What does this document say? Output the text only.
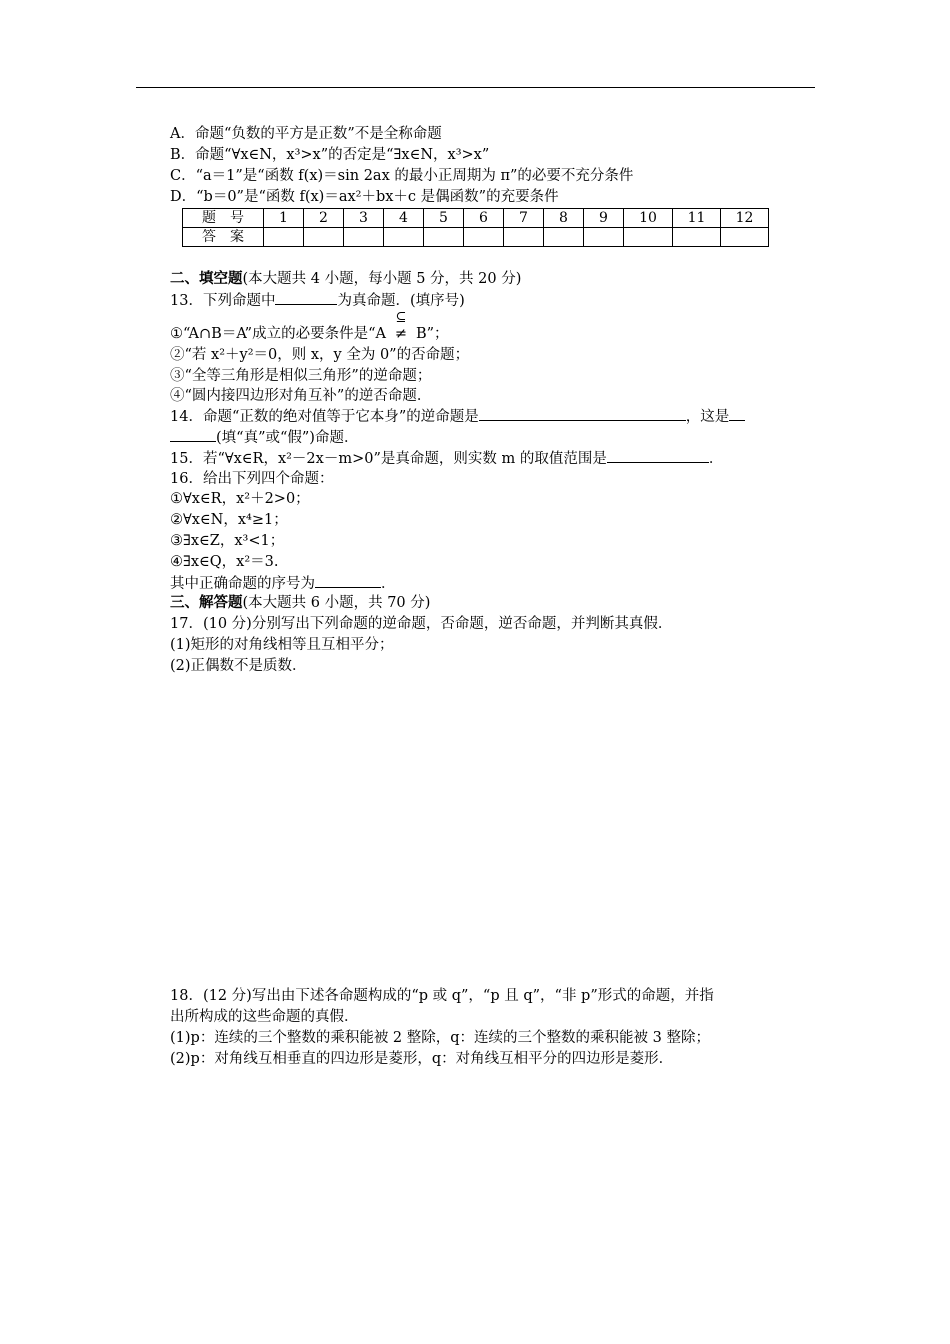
A．命题“负数的平方是正数”不是全称命题
B．命题“∀x∈N，x³>x”的否定是“∃x∈N，x³>x”
C．“a＝1”是“函数 f(x)＝sin 2ax 的最小正周期为 π”的必要不充分条件
D．“b＝0”是“函数 f(x)＝ax²＋bx＋c 是偶函数”的充要条件
题　号	1	2	3	4	5	6	7	8	9	10	11	12
答　案												
二、填空题(本大题共 4 小题，每小题 5 分，共 20 分)
13．下列命题中	为真命题．(填序号)
①“A∩B＝A”成立的必要条件是“A
⊆
≠ B”；
②“若 x²＋y²＝0，则 x，y 全为 0”的否命题；
③“全等三角形是相似三角形”的逆命题；
④“圆内接四边形对角互补”的逆否命题．
14．命题“正数的绝对值等于它本身”的逆命题是	，这是
(填“真”或“假”)命题．
15．若“∀x∈R，x²－2x－m>0”是真命题，则实数 m 的取值范围是	．
16．给出下列四个命题：
①∀x∈R，x²＋2>0；
②∀x∈N，x⁴≥1；
③∃x∈Z，x³<1；
④∃x∈Q，x²＝3.
其中正确命题的序号为	．
三、解答题(本大题共 6 小题，共 70 分)
17．(10 分)分别写出下列命题的逆命题，否命题，逆否命题，并判断其真假．
(1)矩形的对角线相等且互相平分；
(2)正偶数不是质数．
18．(12 分)写出由下述各命题构成的“p 或 q”，“p 且 q”，“非 p”形式的命题，并指
出所构成的这些命题的真假．
(1)p：连续的三个整数的乘积能被 2 整除，q：连续的三个整数的乘积能被 3 整除；
(2)p：对角线互相垂直的四边形是菱形，q：对角线互相平分的四边形是菱形．
